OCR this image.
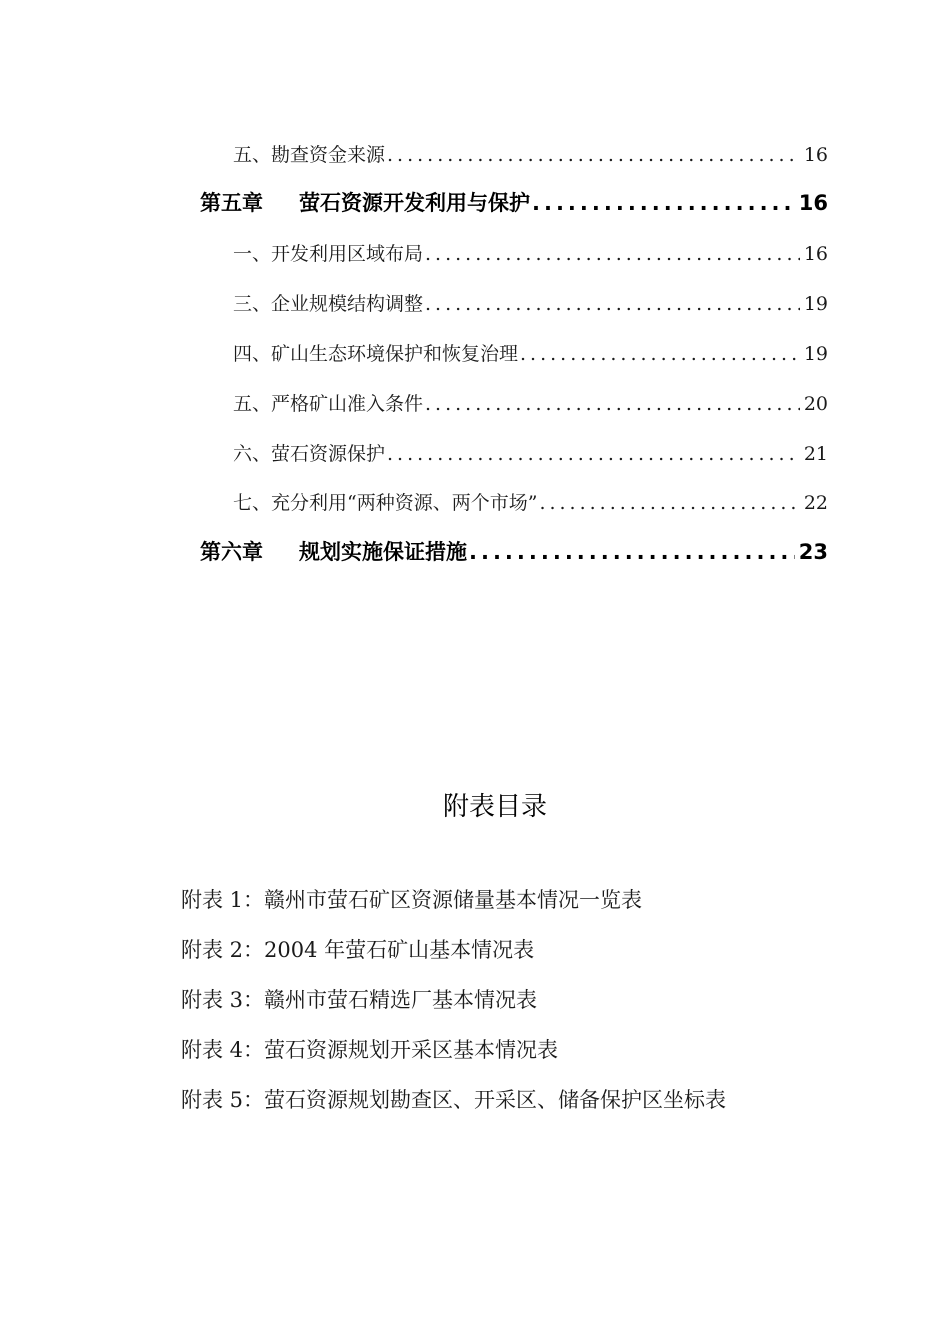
五、勘查资金来源 .....	16
第五章 萤石资源开发利用与保护 .....	16
一、开发利用区域布局 .....	16
三、企业规模结构调整 .....	19
四、矿山生态环境保护和恢复治理 .....	19
五、严格矿山准入条件 .....	20
六、萤石资源保护 .....	21
七、充分利用“两种资源、两个市场” .....	22
第六章 规划实施保证措施 .....	23
附表目录
附表 1：赣州市萤石矿区资源储量基本情况一览表
附表 2：2004 年萤石矿山基本情况表
附表 3：赣州市萤石精选厂基本情况表
附表 4：萤石资源规划开采区基本情况表
附表 5：萤石资源规划勘查区、开采区、储备保护区坐标表
